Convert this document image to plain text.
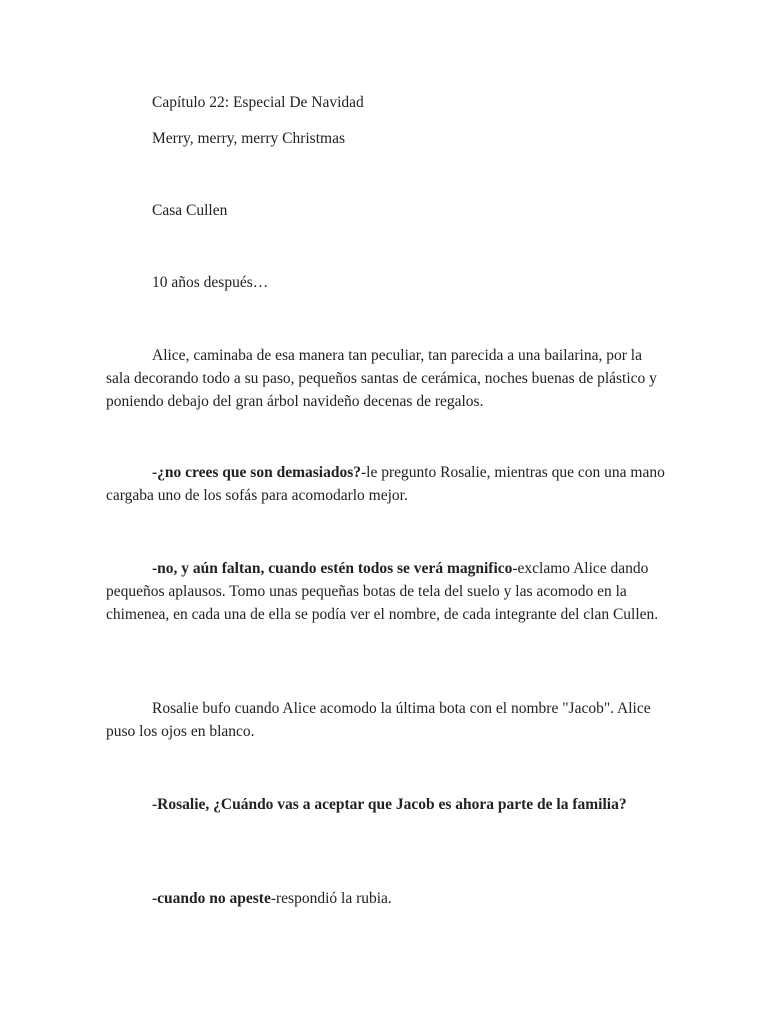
Capítulo 22: Especial De Navidad
Merry, merry, merry Christmas
Casa Cullen
10 años después…
Alice, caminaba de esa manera tan peculiar, tan parecida a una bailarina, por la sala decorando todo a su paso, pequeños santas de cerámica, noches buenas de plástico y poniendo debajo del gran árbol navideño decenas de regalos.
-¿no crees que son demasiados?-le pregunto Rosalie, mientras que con una mano cargaba uno de los sofás para acomodarlo mejor.
-no, y aún faltan, cuando estén todos se verá magnifico-exclamo Alice dando pequeños aplausos. Tomo unas pequeñas botas de tela del suelo y las acomodo en la chimenea, en cada una de ella se podía ver el nombre, de cada integrante del clan Cullen.
Rosalie bufo cuando Alice acomodo la última bota con el nombre "Jacob". Alice puso los ojos en blanco.
-Rosalie, ¿Cuándo vas a aceptar que Jacob es ahora parte de la familia?
-cuando no apeste-respondió la rubia.
